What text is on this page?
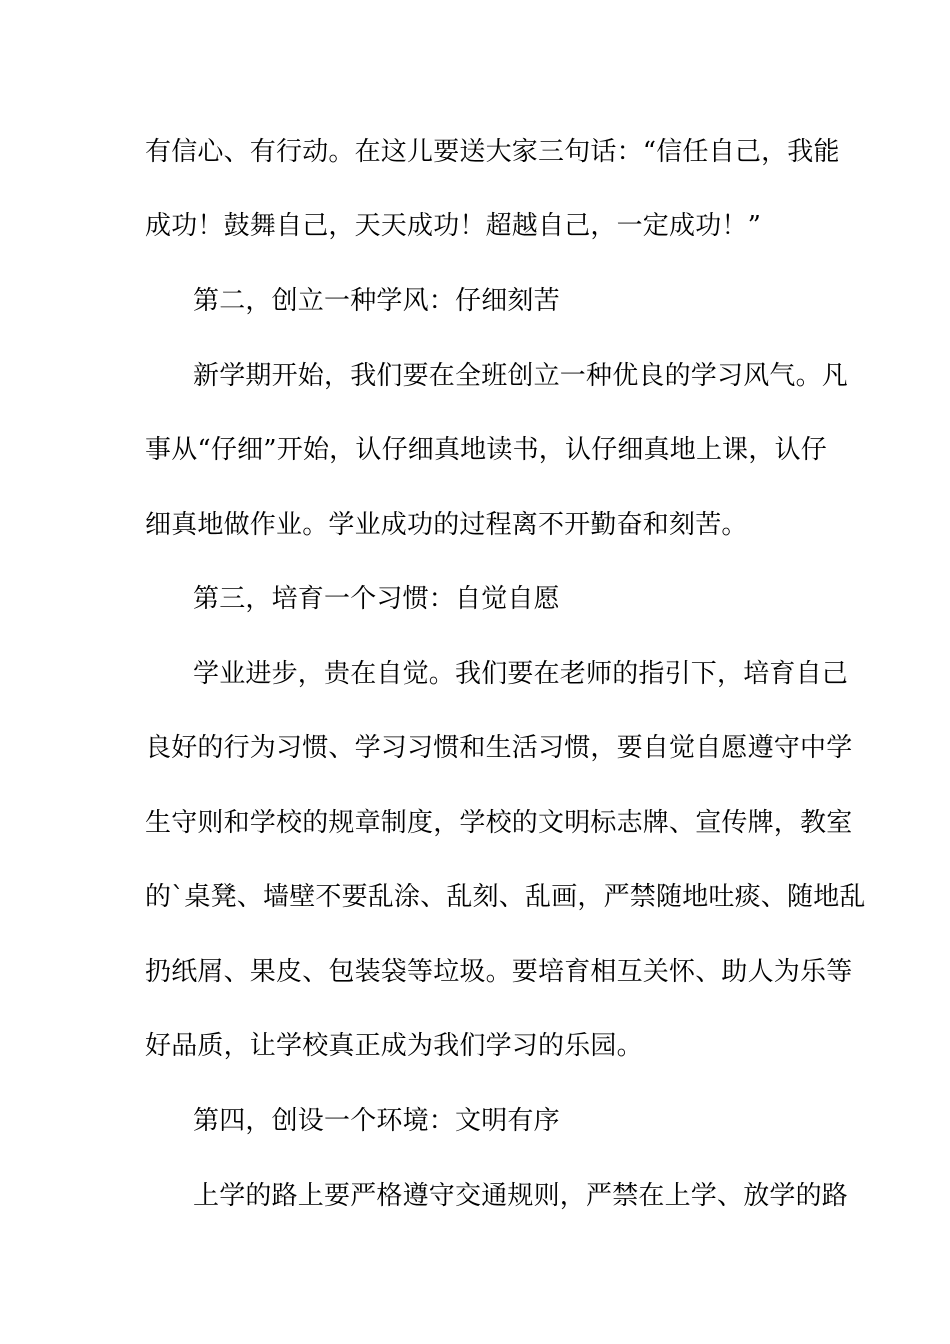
有信心、有行动。在这儿要送大家三句话：“信任自己，我能
成功！鼓舞自己，天天成功！超越自己，一定成功！”
第二，创立一种学风：仔细刻苦
新学期开始，我们要在全班创立一种优良的学习风气。凡
事从“仔细”开始，认仔细真地读书，认仔细真地上课，认仔
细真地做作业。学业成功的过程离不开勤奋和刻苦。
第三，培育一个习惯：自觉自愿
学业进步，贵在自觉。我们要在老师的指引下，培育自己
良好的行为习惯、学习习惯和生活习惯，要自觉自愿遵守中学
生守则和学校的规章制度，学校的文明标志牌、宣传牌，教室
的`桌凳、墙壁不要乱涂、乱刻、乱画，严禁随地吐痰、随地乱
扔纸屑、果皮、包装袋等垃圾。要培育相互关怀、助人为乐等
好品质，让学校真正成为我们学习的乐园。
第四，创设一个环境：文明有序
上学的路上要严格遵守交通规则，严禁在上学、放学的路
